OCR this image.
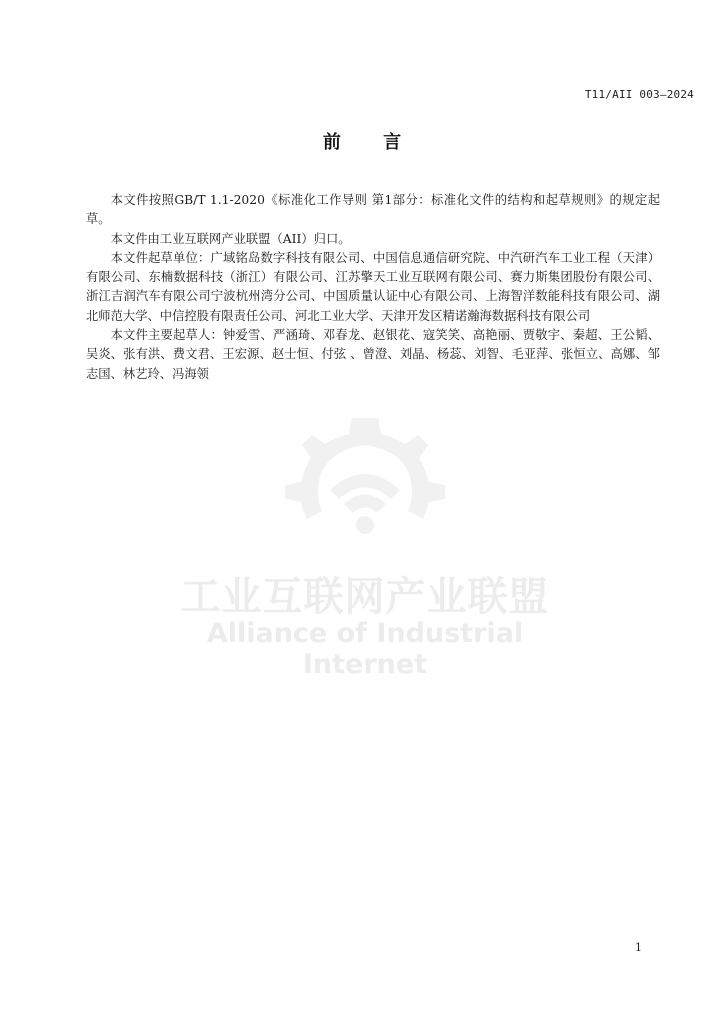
工业互联网产业联盟
Alliance of Industrial Internet
T11/AII 003—2024
前 言

本文件按照GB/T 1.1-2020《标准化工作导则 第1部分：标准化文件的结构和起草规则》的规定起草。

本文件由工业互联网产业联盟（AII）归口。

本文件起草单位：广域铭岛数字科技有限公司、中国信息通信研究院、中汽研汽车工业工程（天津）有限公司、东楠数据科技（浙江）有限公司、江苏擎天工业互联网有限公司、赛力斯集团股份有限公司、浙江吉润汽车有限公司宁波杭州湾分公司、中国质量认证中心有限公司、上海智洋数能科技有限公司、湖北师范大学、中信控股有限责任公司、河北工业大学、天津开发区精诺瀚海数据科技有限公司

本文件主要起草人：钟爱雪、严涵琦、邓春龙、赵银花、寇笑笑、高艳丽、贾敬宇、秦超、王公韬、吴炎、张有洪、费文君、王宏源、赵士恒、付弦 、曾澄、刘晶、杨蕊、刘智、毛亚萍、张恒立、高娜、邹志国、林艺玲、冯海领

1
